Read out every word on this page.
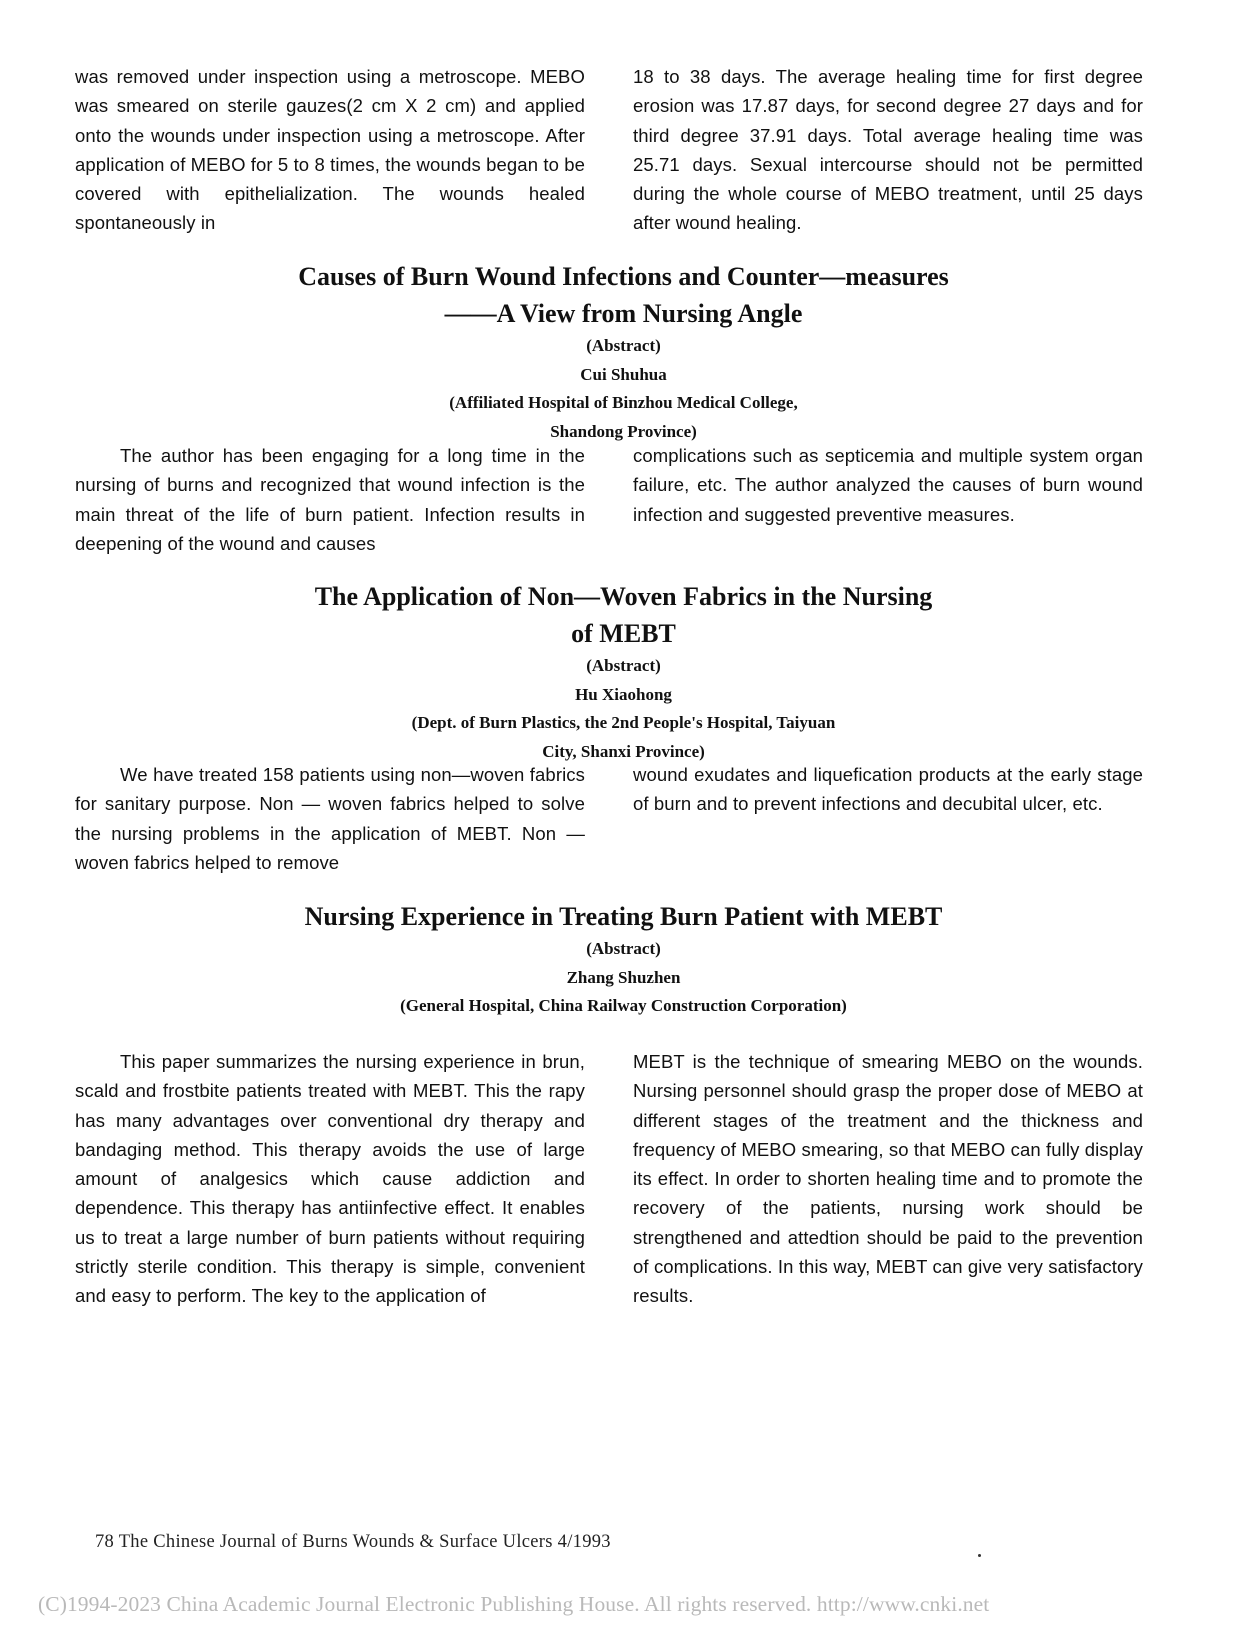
was removed under inspection using a metroscope. MEBO was smeared on sterile gauzes(2 cm X 2 cm) and applied onto the wounds under inspection using a metroscope. After application of MEBO for 5 to 8 times, the wounds began to be covered with epithelialization. The wounds healed spontaneously in

18 to 38 days. The average healing time for first degree erosion was 17.87 days, for second degree 27 days and for third degree 37.91 days. Total average healing time was 25.71 days. Sexual intercourse should not be permitted during the whole course of MEBO treatment, until 25 days after wound healing.

Causes of Burn Wound Infections and Counter—measures
——A View from Nursing Angle
(Abstract)
Cui Shuhua
(Affiliated Hospital of Binzhou Medical College,
Shandong Province)

The author has been engaging for a long time in the nursing of burns and recognized that wound infection is the main threat of the life of burn patient. Infection results in deepening of the wound and causes

complications such as septicemia and multiple system organ failure, etc. The author analyzed the causes of burn wound infection and suggested preventive measures.

The Application of Non—Woven Fabrics in the Nursing
of MEBT
(Abstract)
Hu Xiaohong
(Dept. of Burn Plastics, the 2nd People's Hospital, Taiyuan
City, Shanxi Province)

We have treated 158 patients using non—woven fabrics for sanitary purpose. Non — woven fabrics helped to solve the nursing problems in the application of MEBT. Non — woven fabrics helped to remove

wound exudates and liquefication products at the early stage of burn and to prevent infections and decubital ulcer, etc.

Nursing Experience in Treating Burn Patient with MEBT
(Abstract)
Zhang Shuzhen
(General Hospital, China Railway Construction Corporation)

This paper summarizes the nursing experience in brun, scald and frostbite patients treated with MEBT. This the rapy has many advantages over conventional dry therapy and bandaging method. This therapy avoids the use of large amount of analgesics which cause addiction and dependence. This therapy has antiinfective effect. It enables us to treat a large number of burn patients without requiring strictly sterile condition. This therapy is simple, convenient and easy to perform. The key to the application of

MEBT is the technique of smearing MEBO on the wounds. Nursing personnel should grasp the proper dose of MEBO at different stages of the treatment and the thickness and frequency of MEBO smearing, so that MEBO can fully display its effect. In order to shorten healing time and to promote the recovery of the patients, nursing work should be strengthened and attedtion should be paid to the prevention of complications. In this way, MEBT can give very satisfactory results.

78 The Chinese Journal of Burns Wounds & Surface Ulcers 4/1993
(C)1994-2023 China Academic Journal Electronic Publishing House. All rights reserved. http://www.cnki.net
